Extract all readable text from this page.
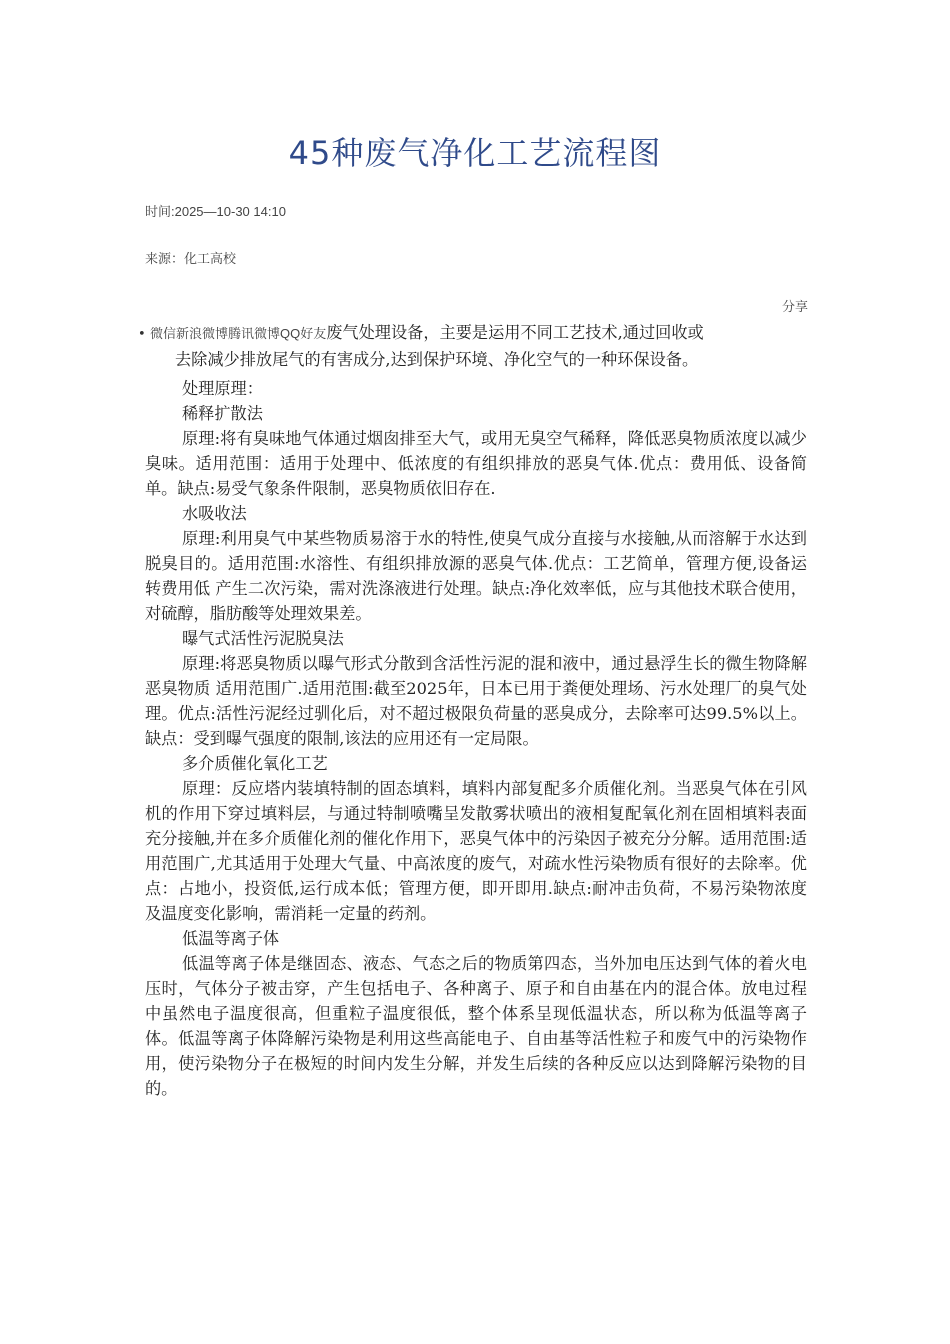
45种废气净化工艺流程图
时间:2025—10-30 14:10
来源：化工高校
分享
• 微信新浪微博腾讯微博QQ好友废气处理设备，主要是运用不同工艺技术,通过回收或
去除减少排放尾气的有害成分,达到保护环境、净化空气的一种环保设备。

处理原理：

稀释扩散法

原理:将有臭味地气体通过烟囱排至大气，或用无臭空气稀释，降低恶臭物质浓度以减少臭味。适用范围：适用于处理中、低浓度的有组织排放的恶臭气体.优点：费用低、设备简单。缺点:易受气象条件限制，恶臭物质依旧存在.

水吸收法

原理:利用臭气中某些物质易溶于水的特性,使臭气成分直接与水接触,从而溶解于水达到脱臭目的。适用范围:水溶性、有组织排放源的恶臭气体.优点：工艺简单，管理方便,设备运转费用低 产生二次污染，需对洗涤液进行处理。缺点:净化效率低，应与其他技术联合使用，对硫醇，脂肪酸等处理效果差。

曝气式活性污泥脱臭法

原理:将恶臭物质以曝气形式分散到含活性污泥的混和液中，通过悬浮生长的微生物降解恶臭物质 适用范围广.适用范围:截至2025年，日本已用于粪便处理场、污水处理厂的臭气处理。优点:活性污泥经过驯化后，对不超过极限负荷量的恶臭成分，去除率可达99.5%以上。缺点：受到曝气强度的限制,该法的应用还有一定局限。

多介质催化氧化工艺

原理：反应塔内装填特制的固态填料，填料内部复配多介质催化剂。当恶臭气体在引风机的作用下穿过填料层，与通过特制喷嘴呈发散雾状喷出的液相复配氧化剂在固相填料表面充分接触,并在多介质催化剂的催化作用下，恶臭气体中的污染因子被充分分解。适用范围:适用范围广,尤其适用于处理大气量、中高浓度的废气，对疏水性污染物质有很好的去除率。优点：占地小，投资低,运行成本低；管理方便，即开即用.缺点:耐冲击负荷，不易污染物浓度及温度变化影响，需消耗一定量的药剂。

低温等离子体

低温等离子体是继固态、液态、气态之后的物质第四态，当外加电压达到气体的着火电压时，气体分子被击穿，产生包括电子、各种离子、原子和自由基在内的混合体。放电过程中虽然电子温度很高，但重粒子温度很低，整个体系呈现低温状态，所以称为低温等离子体。低温等离子体降解污染物是利用这些高能电子、自由基等活性粒子和废气中的污染物作用，使污染物分子在极短的时间内发生分解，并发生后续的各种反应以达到降解污染物的目的。
